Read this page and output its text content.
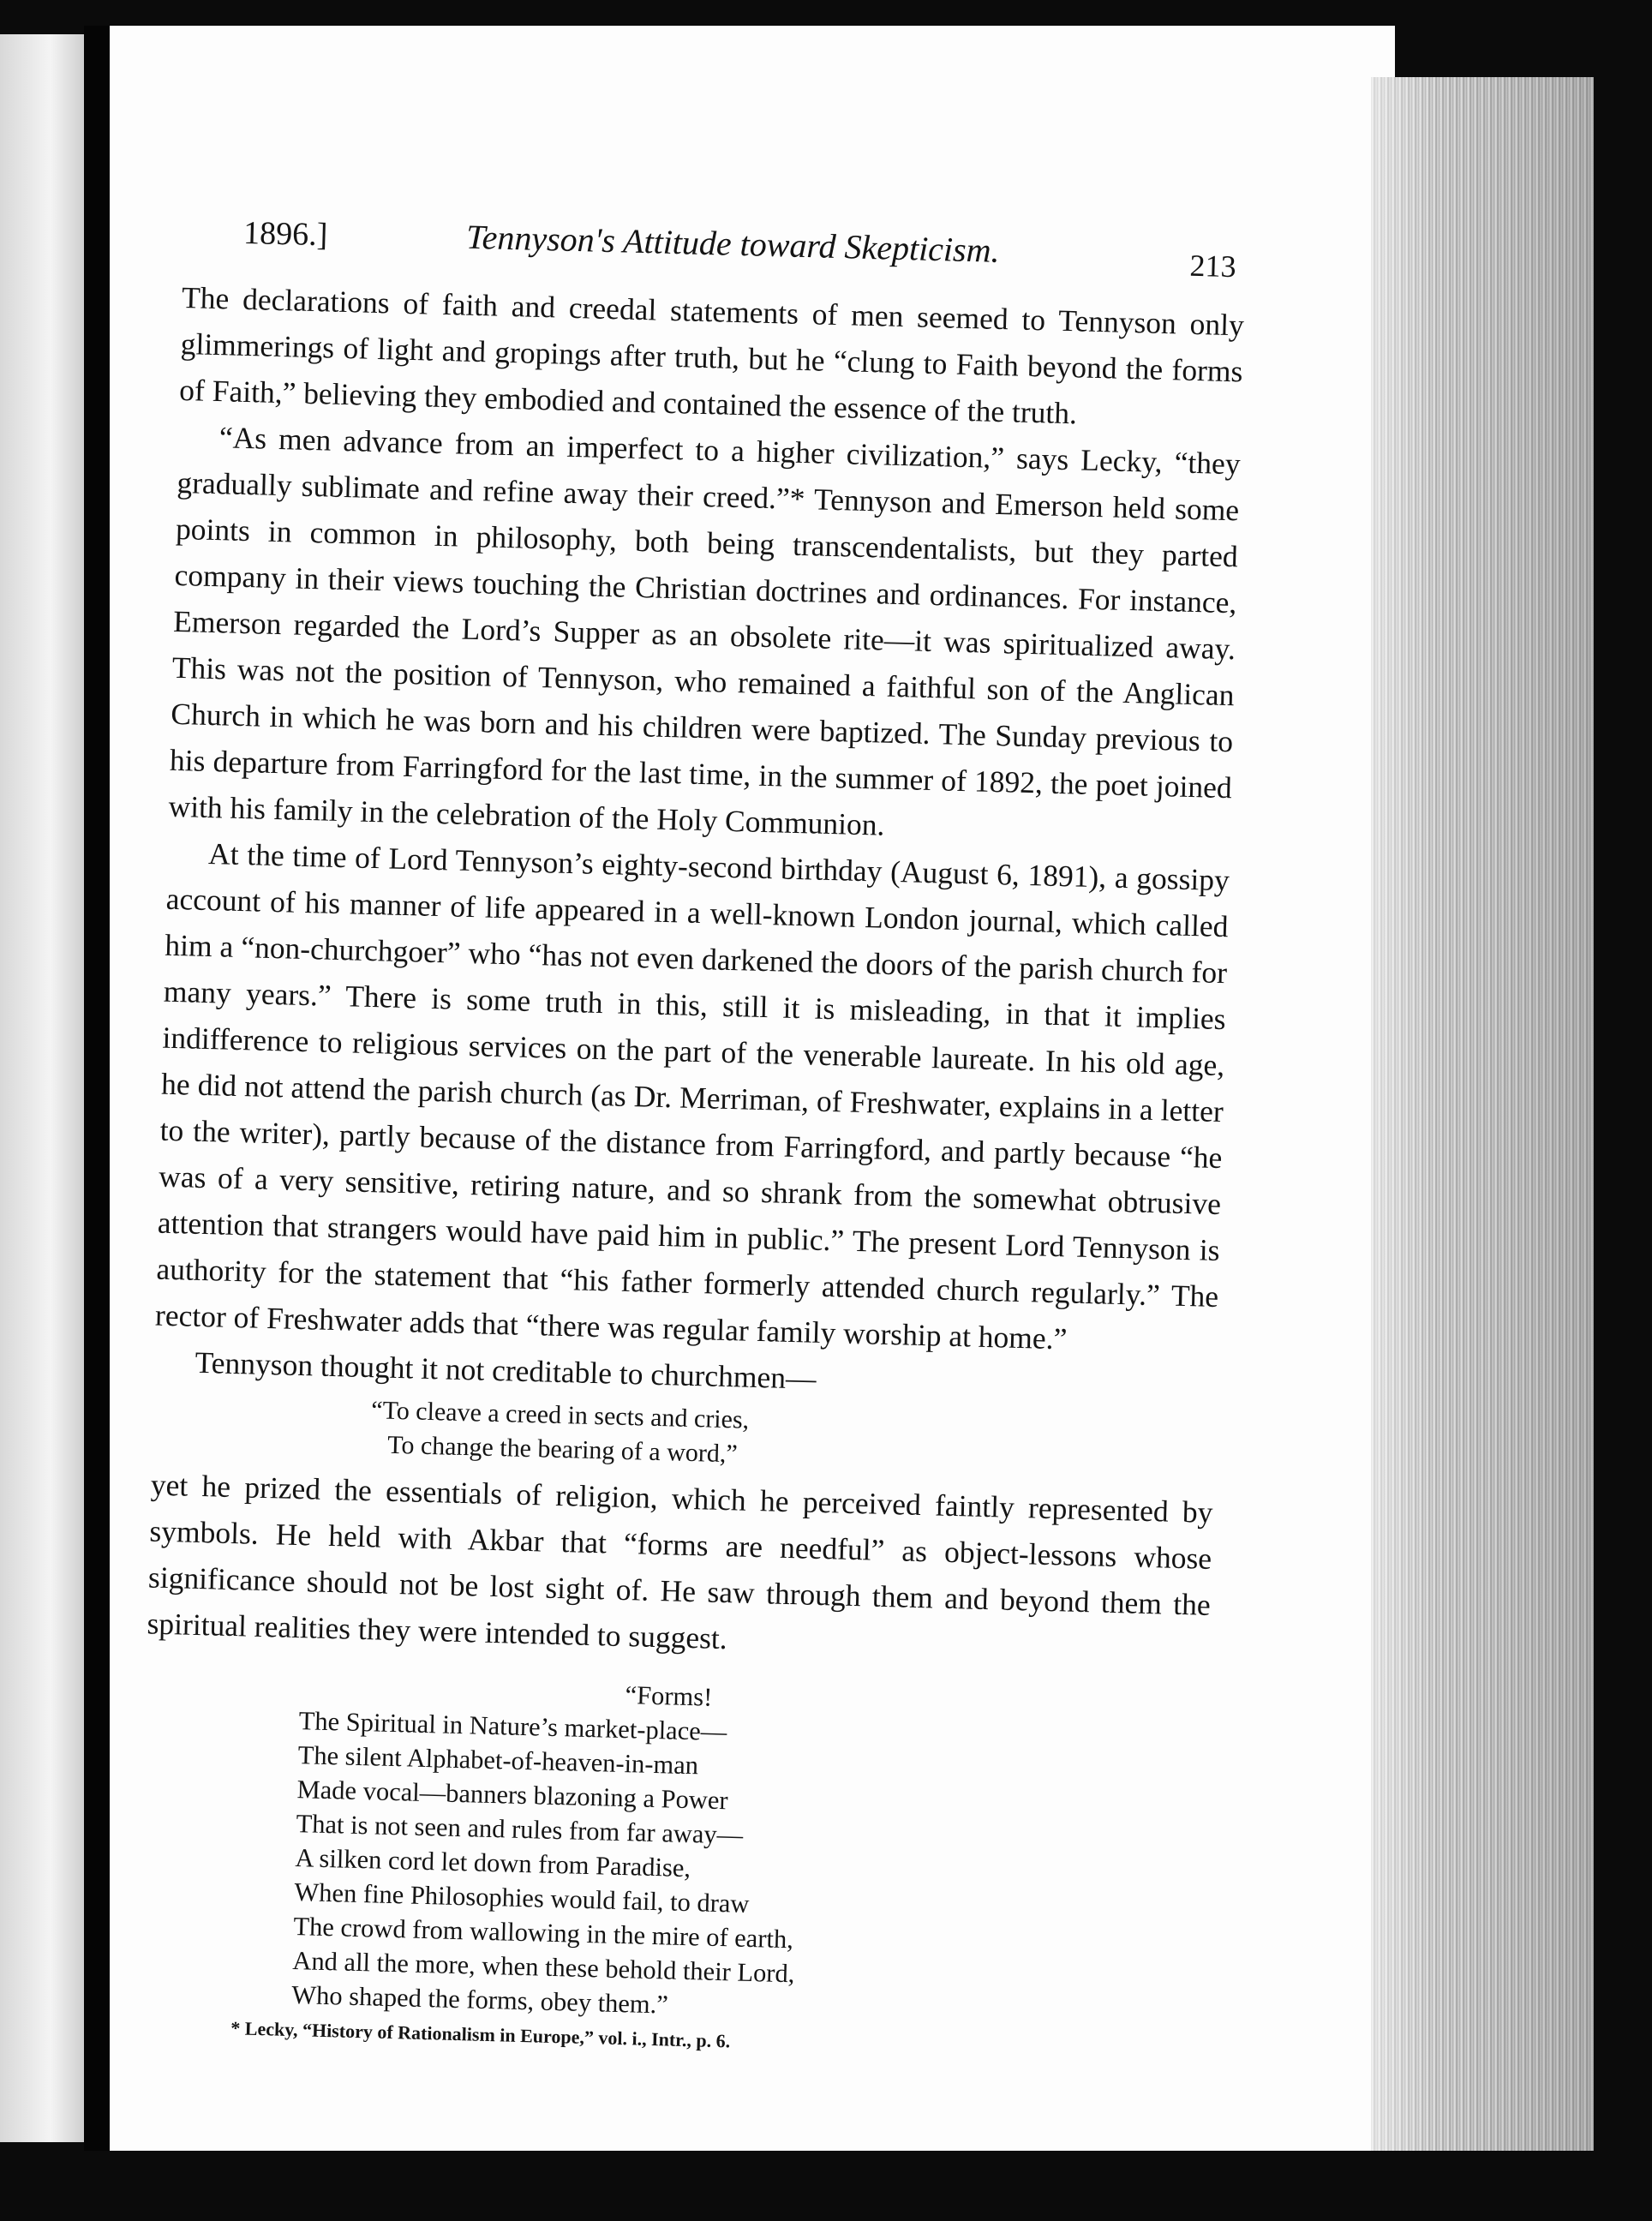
1896.]	Tennyson's Attitude toward Skepticism.	213

The declarations of faith and creedal statements of men seemed to Tennyson only glimmerings of light and gropings after truth, but he “clung to Faith beyond the forms of Faith,” believing they embodied and contained the essence of the truth.

“As men advance from an imperfect to a higher civilization,” says Lecky, “they gradually sublimate and refine away their creed.”* Tennyson and Emerson held some points in common in philosophy, both being transcendentalists, but they parted company in their views touching the Christian doctrines and ordinances. For instance, Emerson regarded the Lord’s Supper as an obsolete rite—it was spiritualized away. This was not the position of Tennyson, who remained a faithful son of the Anglican Church in which he was born and his children were baptized. The Sunday previous to his departure from Farringford for the last time, in the summer of 1892, the poet joined with his family in the celebration of the Holy Communion.

At the time of Lord Tennyson’s eighty-second birthday (August 6, 1891), a gossipy account of his manner of life appeared in a well-known London journal, which called him a “non-churchgoer” who “has not even darkened the doors of the parish church for many years.” There is some truth in this, still it is misleading, in that it implies indifference to religious services on the part of the venerable laureate. In his old age, he did not attend the parish church (as Dr. Merriman, of Freshwater, explains in a letter to the writer), partly because of the distance from Farringford, and partly because “he was of a very sensitive, retiring nature, and so shrank from the somewhat obtrusive attention that strangers would have paid him in public.” The present Lord Tennyson is authority for the statement that “his father formerly attended church regularly.” The rector of Freshwater adds that “there was regular family worship at home.”

Tennyson thought it not creditable to churchmen—

“To cleave a creed in sects and cries,
To change the bearing of a word,”

yet he prized the essentials of religion, which he perceived faintly represented by symbols. He held with Akbar that “forms are needful” as object-lessons whose significance should not be lost sight of. He saw through them and beyond them the spiritual realities they were intended to suggest.

“Forms!
The Spiritual in Nature’s market-place—
The silent Alphabet-of-heaven-in-man
Made vocal—banners blazoning a Power
That is not seen and rules from far away—
A silken cord let down from Paradise,
When fine Philosophies would fail, to draw
The crowd from wallowing in the mire of earth,
And all the more, when these behold their Lord,
Who shaped the forms, obey them.”
* Lecky, “History of Rationalism in Europe,” vol. i., Intr., p. 6.
